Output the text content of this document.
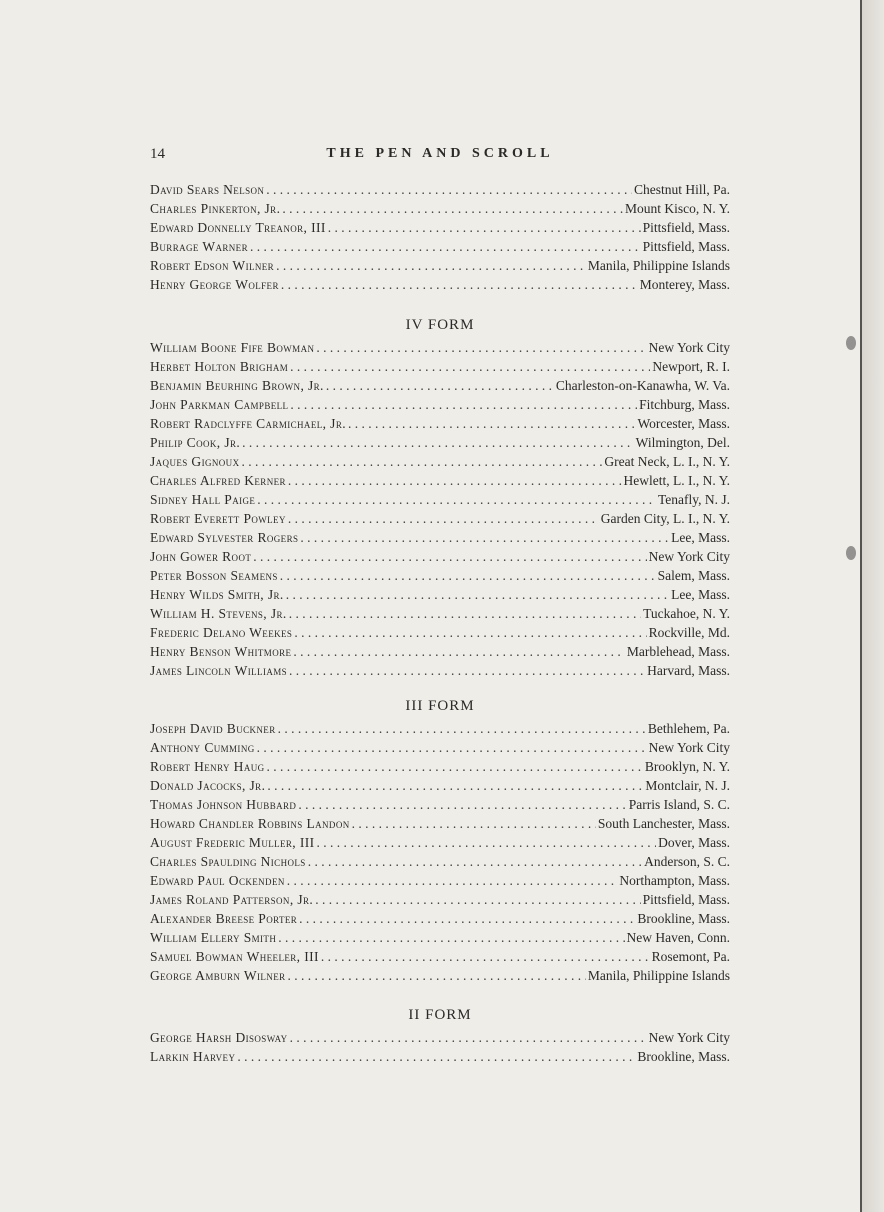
14	THE PEN AND SCROLL
David Sears Nelson . . .	Chestnut Hill, Pa.
Charles Pinkerton, Jr. . . .	Mount Kisco, N. Y.
Edward Donnelly Treanor, III . . .	Pittsfield, Mass.
Burrage Warner . . .	Pittsfield, Mass.
Robert Edson Wilner . . .	Manila, Philippine Islands
Henry George Wolfer . . .	Monterey, Mass.
IV FORM
William Boone Fife Bowman . . .	New York City
Herbet Holton Brigham . . .	Newport, R. I.
Benjamin Beurhing Brown, Jr. . . .	Charleston-on-Kanawha, W. Va.
John Parkman Campbell . . .	Fitchburg, Mass.
Robert Radclyffe Carmichael, Jr. . . .	Worcester, Mass.
Philip Cook, Jr. . . .	Wilmington, Del.
Jaques Gignoux . . .	Great Neck, L. I., N. Y.
Charles Alfred Kerner . . .	Hewlett, L. I., N. Y.
Sidney Hall Paige . . .	Tenafly, N. J.
Robert Everett Powley . . .	Garden City, L. I., N. Y.
Edward Sylvester Rogers . . .	Lee, Mass.
John Gower Root . . .	New York City
Peter Bosson Seamens . . .	Salem, Mass.
Henry Wilds Smith, Jr. . . .	Lee, Mass.
William H. Stevens, Jr. . . .	Tuckahoe, N. Y.
Frederic Delano Weekes . . .	Rockville, Md.
Henry Benson Whitmore . . .	Marblehead, Mass.
James Lincoln Williams . . .	Harvard, Mass.
III FORM
Joseph David Buckner . . .	Bethlehem, Pa.
Anthony Cumming . . .	New York City
Robert Henry Haug . . .	Brooklyn, N. Y.
Donald Jacocks, Jr. . . .	Montclair, N. J.
Thomas Johnson Hubbard . . .	Parris Island, S. C.
Howard Chandler Robbins Landon . . .	South Lanchester, Mass.
August Frederic Muller, III . . .	Dover, Mass.
Charles Spaulding Nichols . . .	Anderson, S. C.
Edward Paul Ockenden . . .	Northampton, Mass.
James Roland Patterson, Jr. . . .	Pittsfield, Mass.
Alexander Breese Porter . . .	Brookline, Mass.
William Ellery Smith . . .	New Haven, Conn.
Samuel Bowman Wheeler, III . . .	Rosemont, Pa.
George Amburn Wilner . . .	Manila, Philippine Islands
II FORM
George Harsh Disosway . . .	New York City
Larkin Harvey . . .	Brookline, Mass.
